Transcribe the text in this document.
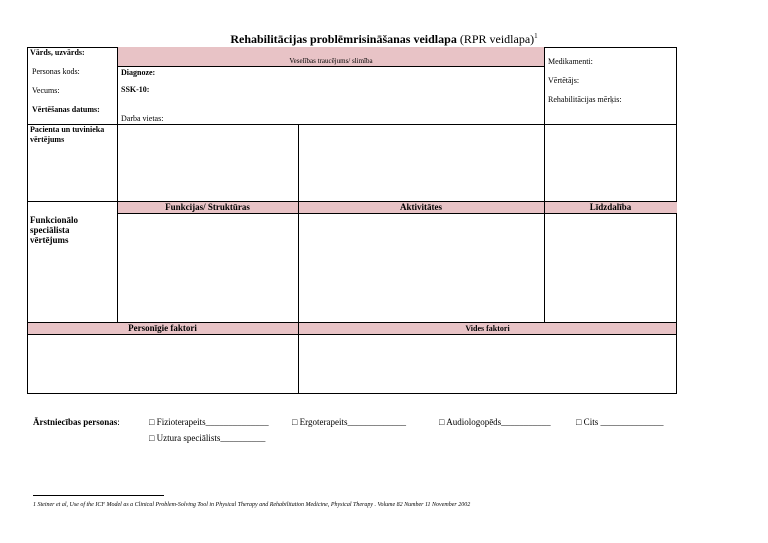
Rehabilitācijas problēmrisināšanas veidlapa (RPR veidlapa)$^1$
Veselības traucējums/ slimība
Vārds, uzvārds:
Personas kods:
Vecums:
Vērtēšanas datums:
Diagnoze:
SSK-10:
Darba vietas:
Medikamenti:
Vērtētājs:
Rehabilitācijas mērķis:
Pacienta un tuvinieka vērtējums
Funkcijas/ Struktūras	Aktivitātes	Līdzdalība
Funkcionālo speciālista vērtējums
Personīgie faktori	Vides faktori
Ārstniecības personas:	□ Fizioterapeits______________	□ Ergoterapeits_____________	□ Audiologopēds___________	□ Cits ______________
□ Uztura speciālists__________
1 Steiner et al, Use of the ICF Model as a Clinical Problem-Solving Tool in Physical Therapy and Rehabilitation Medicine, Physical Therapy . Volume 82 Number 11 November 2002
